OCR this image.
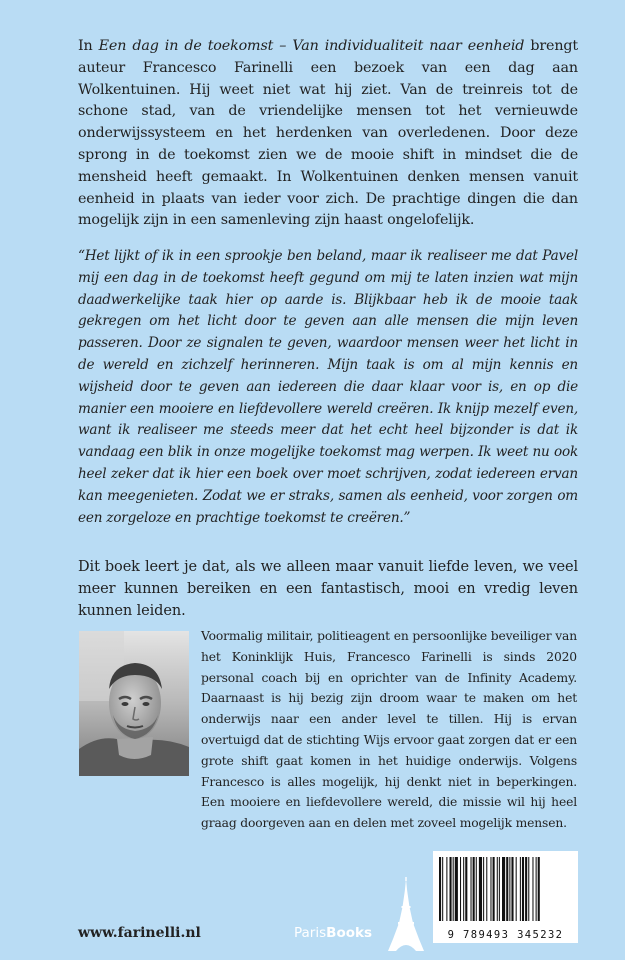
In Een dag in de toekomst – Van individualiteit naar eenheid brengt auteur Francesco Farinelli een bezoek van een dag aan Wolkentuinen. Hij weet niet wat hij ziet. Van de treinreis tot de schone stad, van de vriendelijke mensen tot het vernieuwde onderwijssysteem en het herdenken van overledenen. Door deze sprong in de toekomst zien we de mooie shift in mindset die de mensheid heeft gemaakt. In Wolkentuinen denken mensen vanuit eenheid in plaats van ieder voor zich. De prachtige dingen die dan mogelijk zijn in een samenleving zijn haast ongelofelijk.
“Het lijkt of ik in een sprookje ben beland, maar ik realiseer me dat Pavel mij een dag in de toekomst heeft gegund om mij te laten inzien wat mijn daadwerkelijke taak hier op aarde is. Blijkbaar heb ik de mooie taak gekregen om het licht door te geven aan alle mensen die mijn leven passeren. Door ze signalen te geven, waardoor mensen weer het licht in de wereld en zichzelf herinneren. Mijn taak is om al mijn kennis en wijsheid door te geven aan iedereen die daar klaar voor is, en op die manier een mooiere en liefdevollere wereld creëren. Ik knijp mezelf even, want ik realiseer me steeds meer dat het echt heel bijzonder is dat ik vandaag een blik in onze mogelijke toekomst mag werpen. Ik weet nu ook heel zeker dat ik hier een boek over moet schrijven, zodat iedereen ervan kan meegenieten. Zodat we er straks, samen als eenheid, voor zorgen om een zorgeloze en prachtige toekomst te creëren.”
Dit boek leert je dat, als we alleen maar vanuit liefde leven, we veel meer kunnen bereiken en een fantastisch, mooi en vredig leven kunnen leiden.
Voormalig militair, politieagent en persoonlijke beveiliger van het Koninklijk Huis, Francesco Farinelli is sinds 2020 personal coach bij en oprichter van de Infinity Academy. Daarnaast is hij bezig zijn droom waar te maken om het onderwijs naar een ander level te tillen. Hij is ervan overtuigd dat de stichting Wijs ervoor gaat zorgen dat er een grote shift gaat komen in het huidige onderwijs. Volgens Francesco is alles mogelijk, hij denkt niet in beperkingen. Een mooiere en liefdevollere wereld, die missie wil hij heel graag doorgeven aan en delen met zoveel mogelijk mensen.
www.farinelli.nl	ParisBooks	9 789493 345232
